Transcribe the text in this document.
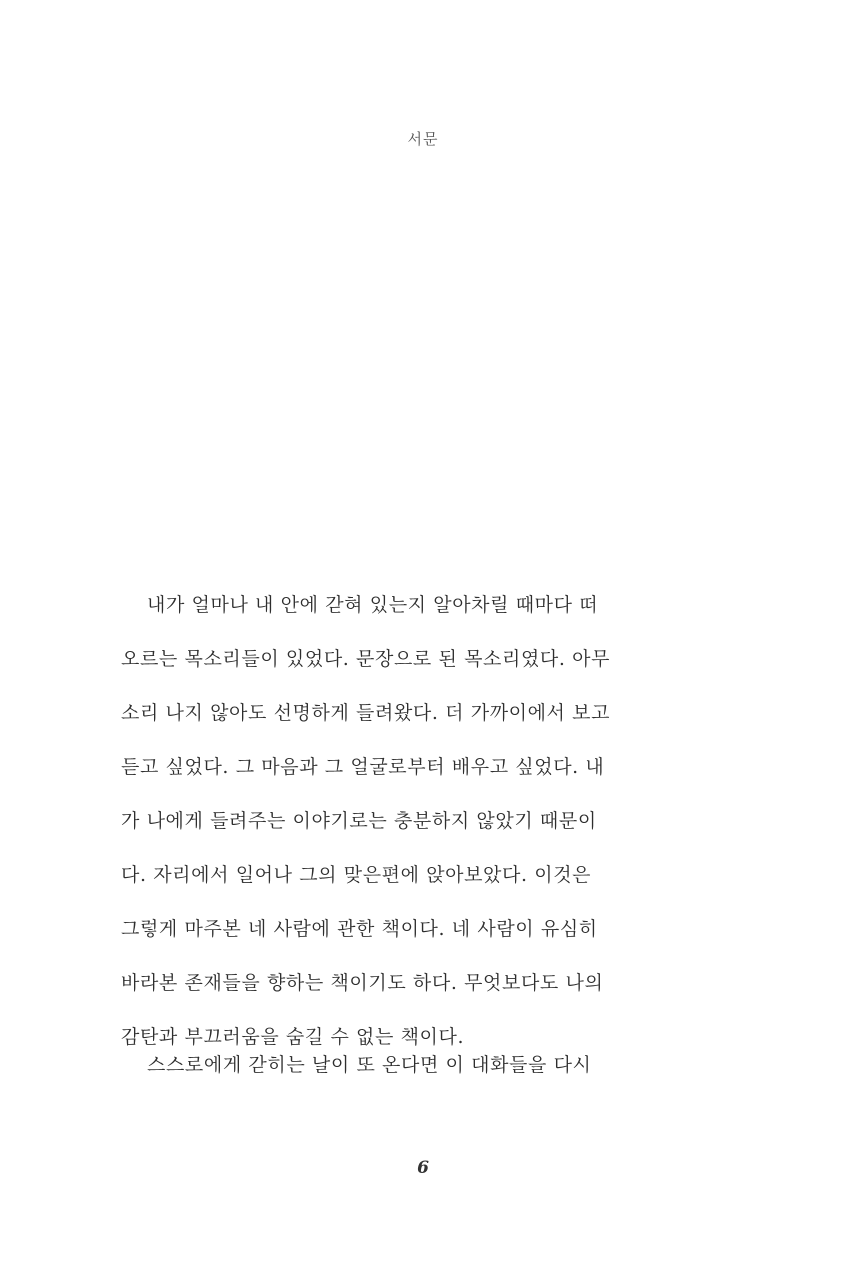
서문
내가 얼마나 내 안에 갇혀 있는지 알아차릴 때마다 떠
오르는 목소리들이 있었다. 문장으로 된 목소리였다. 아무
소리 나지 않아도 선명하게 들려왔다. 더 가까이에서 보고
듣고 싶었다. 그 마음과 그 얼굴로부터 배우고 싶었다. 내
가 나에게 들려주는 이야기로는 충분하지 않았기 때문이
다. 자리에서 일어나 그의 맞은편에 앉아보았다. 이것은
그렇게 마주본 네 사람에 관한 책이다. 네 사람이 유심히
바라본 존재들을 향하는 책이기도 하다. 무엇보다도 나의
감탄과 부끄러움을 숨길 수 없는 책이다.
스스로에게 갇히는 날이 또 온다면 이 대화들을 다시
6
